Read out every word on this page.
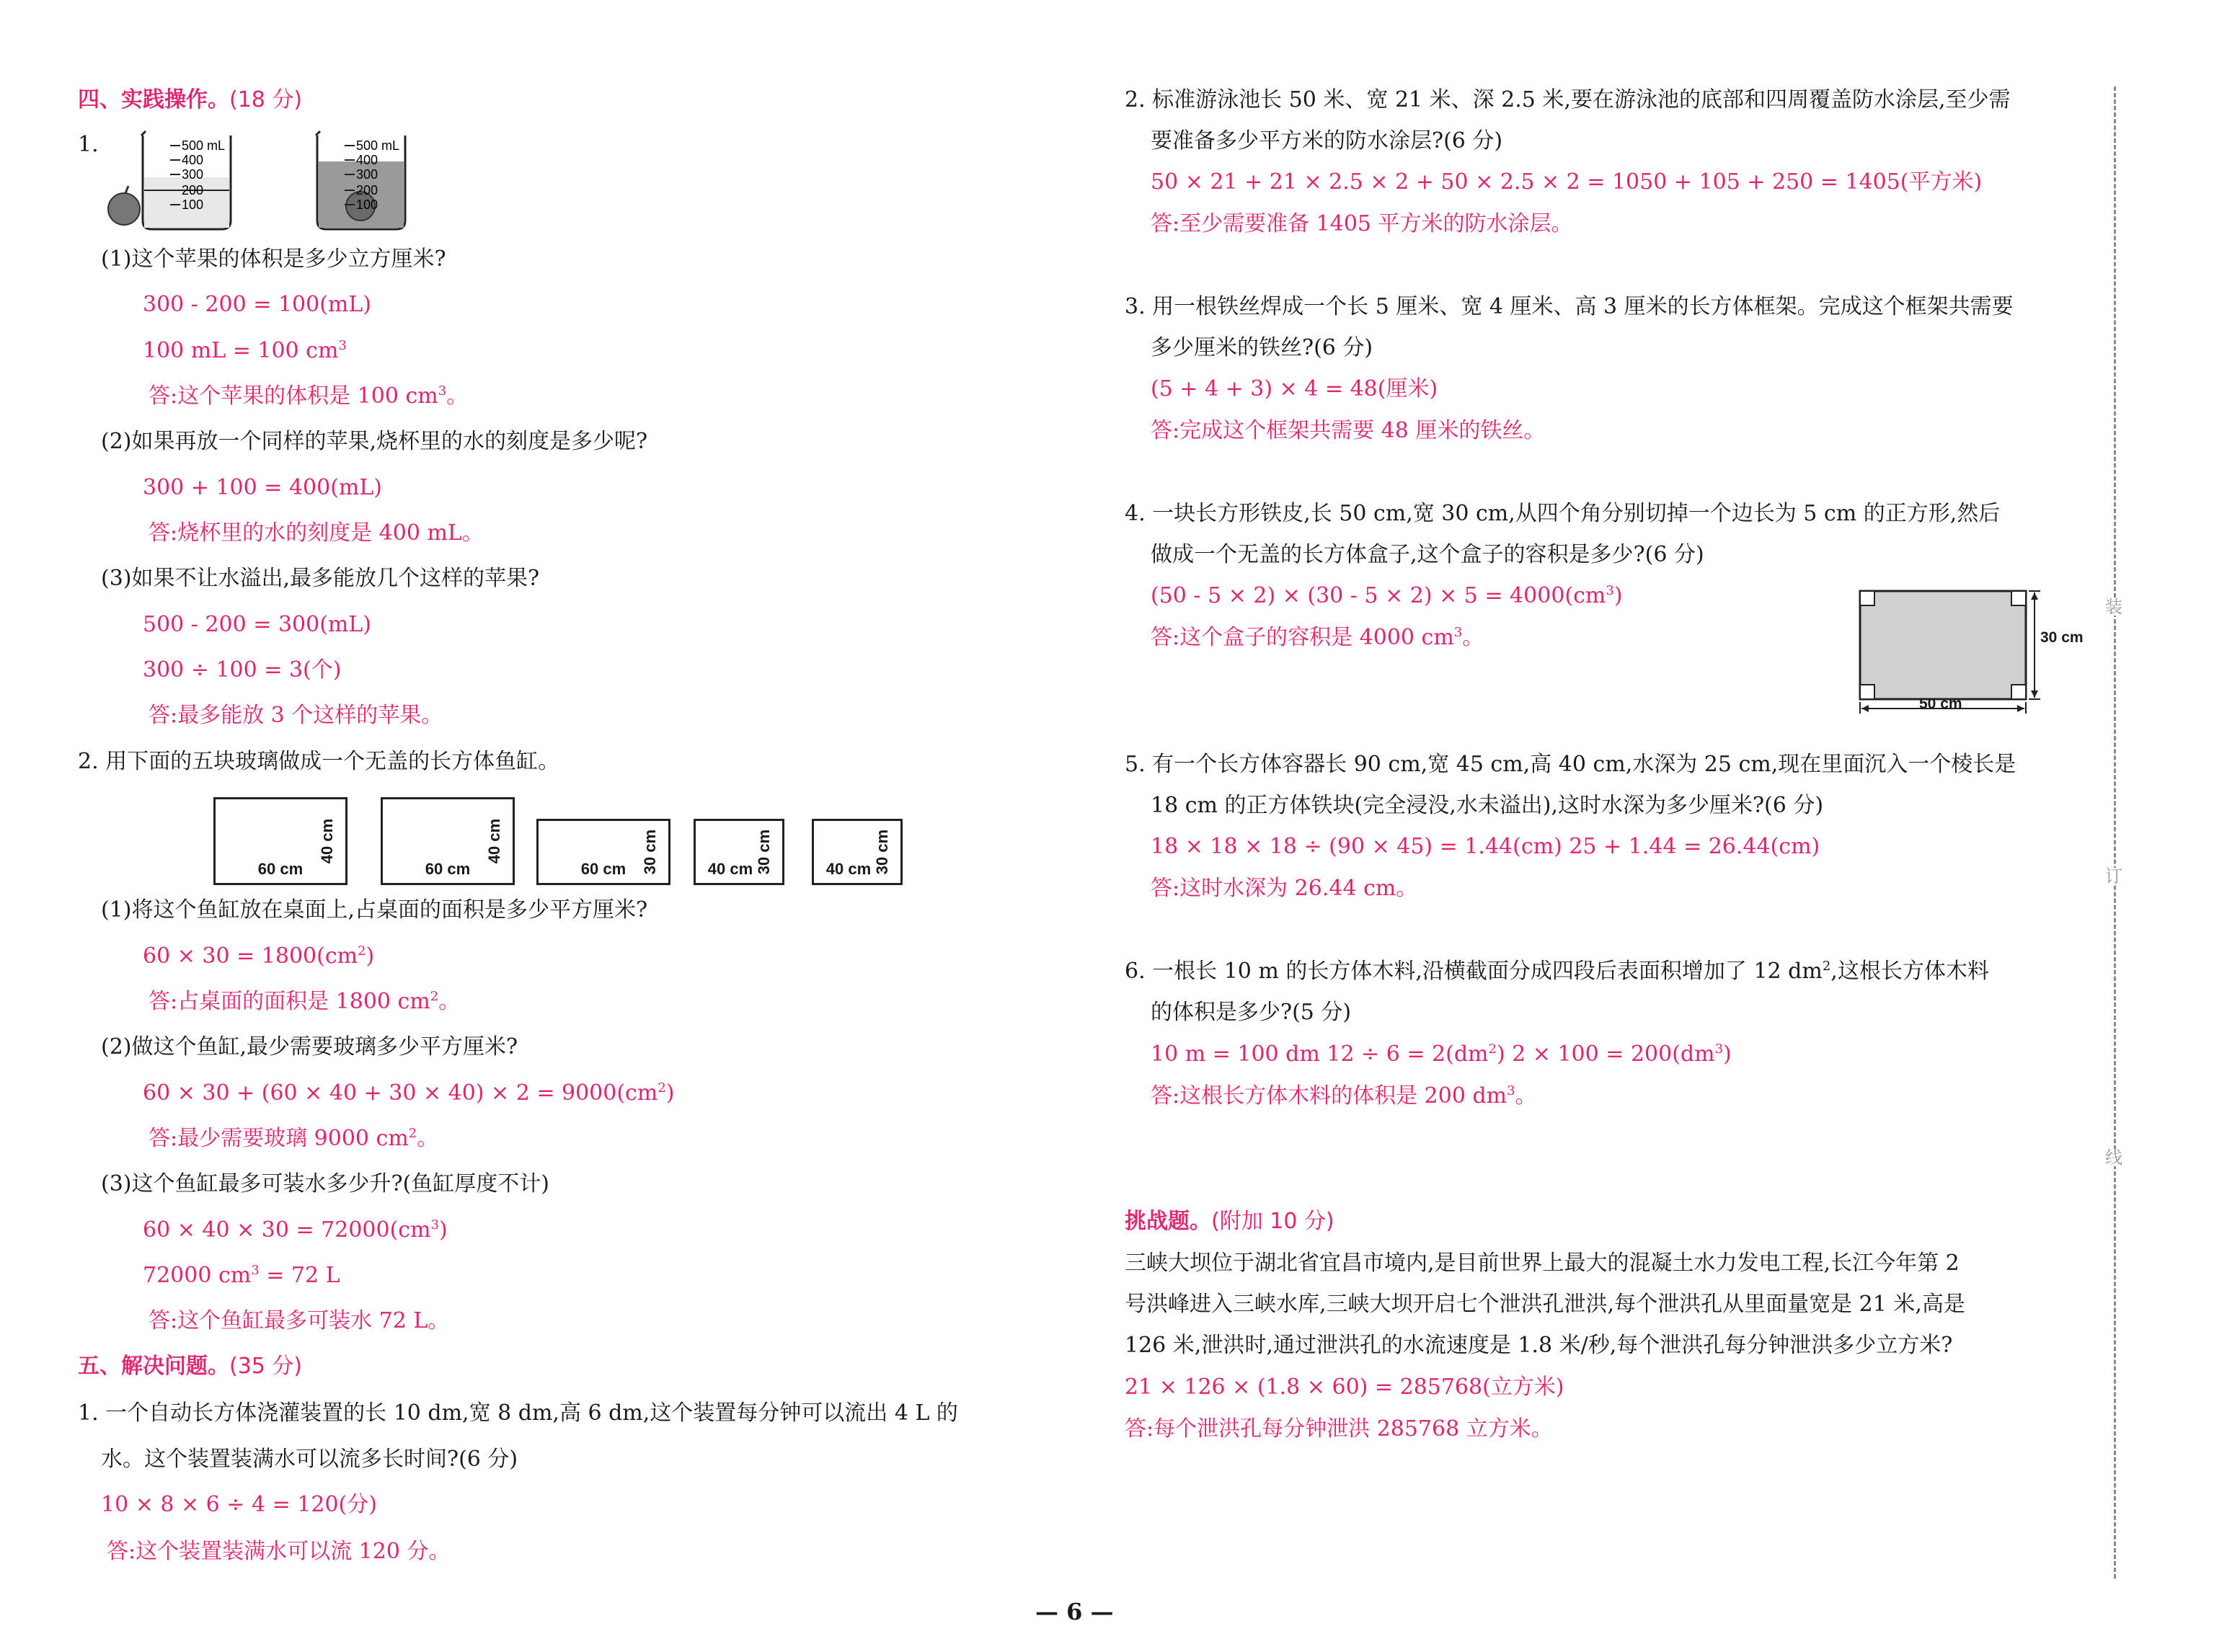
四、实践操作。(18 分)
1.	500 mL
400
300
200
100
500 mL
400
300
200
100
(1)这个苹果的体积是多少立方厘米?
300 - 200 = 100(mL)
100 mL = 100 $cm^3$
答:这个苹果的体积是 100 $cm^3$。
(2)如果再放一个同样的苹果,烧杯里的水的刻度是多少呢?
300 + 100 = 400(mL)
答:烧杯里的水的刻度是 400 mL。
(3)如果不让水溢出,最多能放几个这样的苹果?
500 - 200 = 300(mL)
300 ÷ 100 = 3(个)
答:最多能放 3 个这样的苹果。
2. 用下面的五块玻璃做成一个无盖的长方体鱼缸。
60 cm
40 cm
60 cm
40 cm
60 cm 30 cm	40 cm 30 cm	40 cm 30 cm
(1)将这个鱼缸放在桌面上,占桌面的面积是多少平方厘米?
$60 \times 30 = 1800(cm^2)$
答:占桌面的面积是 1800 $cm^2$。
(2)做这个鱼缸,最少需要玻璃多少平方厘米?
$60 \times 30 + (60 \times 40 + 30 \times 40) \times 2 = 9000(cm^2)$
答:最少需要玻璃 9000 $cm^2$。
(3)这个鱼缸最多可装水多少升?(鱼缸厚度不计)
$60 \times 40 \times 30 = 72000(cm^3)$
72000 $cm^3 = 72$ L
答:这个鱼缸最多可装水 72 L。
五、解决问题。(35 分)
1. 一个自动长方体浇灌装置的长 10 dm,宽 8 dm,高 6 dm,这个装置每分钟可以流出 4 L 的
水。这个装置装满水可以流多长时间?(6 分)
10 × 8 × 6 ÷ 4 = 120(分)
答:这个装置装满水可以流 120 分。
2. 标准游泳池长 50 米、宽 21 米、深 2.5 米,要在游泳池的底部和四周覆盖防水涂层,至少需
要准备多少平方米的防水涂层?(6 分)
50 × 21 + 21 × 2.5 × 2 + 50 × 2.5 × 2 = 1050 + 105 + 250 = 1405(平方米)
答:至少需要准备 1405 平方米的防水涂层。
3. 用一根铁丝焊成一个长 5 厘米、宽 4 厘米、高 3 厘米的长方体框架。完成这个框架共需要
多少厘米的铁丝?(6 分)
(5 + 4 + 3) × 4 = 48(厘米)
答:完成这个框架共需要 48 厘米的铁丝。
4. 一块长方形铁皮,长 50 cm,宽 30 cm,从四个角分别切掉一个边长为 5 cm 的正方形,然后
做成一个无盖的长方体盒子,这个盒子的容积是多少?(6 分)
$(50 - 5 \times 2) \times (30 - 5 \times 2) \times 5 = 4000(cm^3)$
答:这个盒子的容积是 4000 $cm^3$。
50 cm
30 cm
5. 有一个长方体容器长 90 cm,宽 45 cm,高 40 cm,水深为 25 cm,现在里面沉入一个棱长是
18 cm 的正方体铁块(完全浸没,水未溢出),这时水深为多少厘米?(6 分)
18 × 18 × 18 ÷ (90 × 45) = 1.44(cm) 25 + 1.44 = 26.44(cm)
答:这时水深为 26.44 cm。
6. 一根长 10 m 的长方体木料,沿横截面分成四段后表面积增加了 12 $dm^2$,这根长方体木料
的体积是多少?(5 分)
10 m = 100 dm $12 \div 6 = 2(dm^2) 2 \times 100 = 200(dm^3)$
答:这根长方体木料的体积是 200 $dm^3$。
挑战题。(附加 10 分)
三峡大坝位于湖北省宜昌市境内,是目前世界上最大的混凝土水力发电工程,长江今年第 2
号洪峰进入三峡水库,三峡大坝开启七个泄洪孔泄洪,每个泄洪孔从里面量宽是 21 米,高是
126 米,泄洪时,通过泄洪孔的水流速度是 1.8 米/秒,每个泄洪孔每分钟泄洪多少立方米?
21 × 126 × (1.8 × 60) = 285768(立方米)
答:每个泄洪孔每分钟泄洪 285768 立方米。
装
订
线
— 6 —
